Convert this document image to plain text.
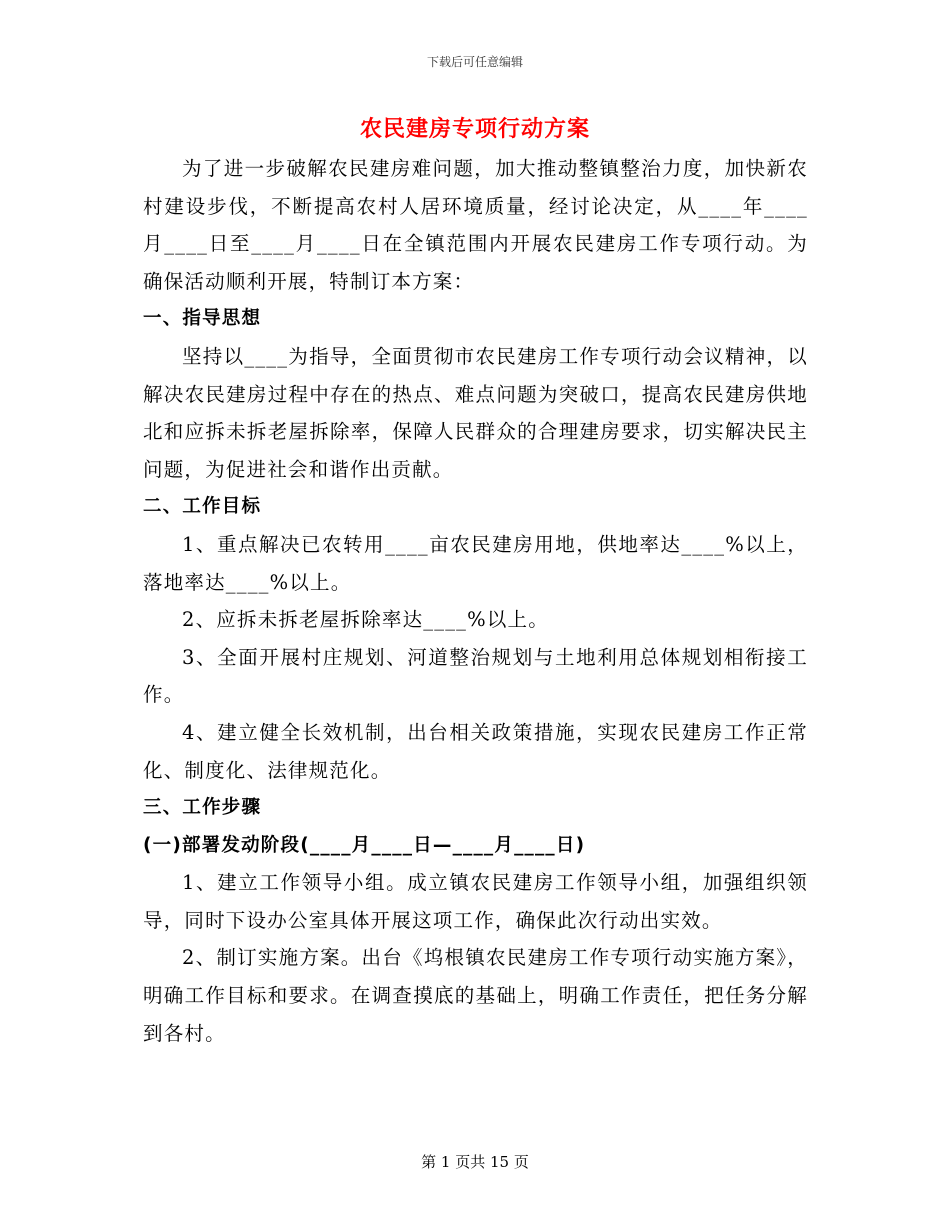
下载后可任意编辑
农民建房专项行动方案

为了进一步破解农民建房难问题，加大推动整镇整治力度，加快新农村建设步伐，不断提高农村人居环境质量，经讨论决定，从____年____月____日至____月____日在全镇范围内开展农民建房工作专项行动。为确保活动顺利开展，特制订本方案：

一、指导思想

坚持以____为指导，全面贯彻市农民建房工作专项行动会议精神，以解决农民建房过程中存在的热点、难点问题为突破口，提高农民建房供地北和应拆未拆老屋拆除率，保障人民群众的合理建房要求，切实解决民主问题，为促进社会和谐作出贡献。

二、工作目标

1、重点解决已农转用____亩农民建房用地，供地率达____%以上，落地率达____%以上。

2、应拆未拆老屋拆除率达____%以上。

3、全面开展村庄规划、河道整治规划与土地利用总体规划相衔接工作。

4、建立健全长效机制，出台相关政策措施，实现农民建房工作正常化、制度化、法律规范化。

三、工作步骤

(一)部署发动阶段(____月____日—____月____日)

1、建立工作领导小组。成立镇农民建房工作领导小组，加强组织领导，同时下设办公室具体开展这项工作，确保此次行动出实效。

2、制订实施方案。出台《坞根镇农民建房工作专项行动实施方案》，明确工作目标和要求。在调查摸底的基础上，明确工作责任，把任务分解到各村。

第 1 页共 15 页
